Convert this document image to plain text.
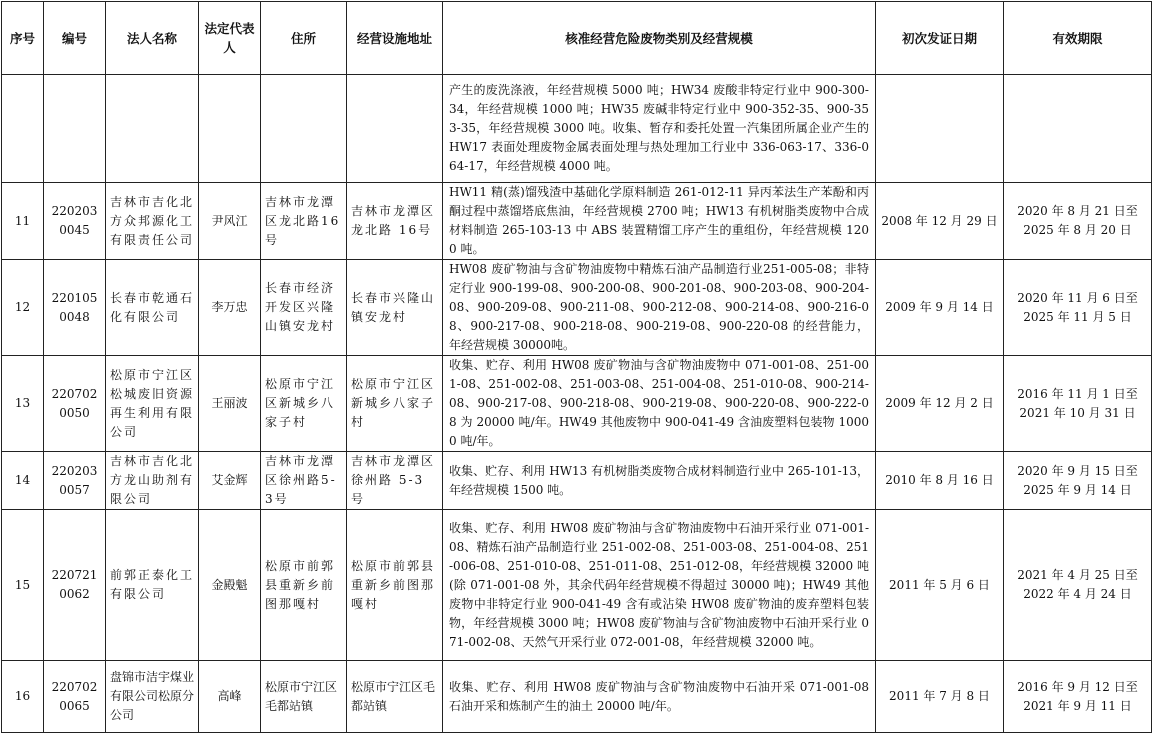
序号	编号	法人名称	法定代表人	住所	经营设施地址	核准经营危险废物类别及经营规模	初次发证日期	有效期限
						产生的废洗涤液，年经营规模 5000 吨；HW34 废酸非特定行业中 900-300-34，年经营规模 1000 吨；HW35 废碱非特定行业中 900-352-35、900-353-35，年经营规模 3000 吨。收集、暂存和委托处置一汽集团所属企业产生的 HW17 表面处理废物金属表面处理与热处理加工行业中 336-063-17、336-064-17，年经营规模 4000 吨。		

11	2202030045	吉林市吉化北方众邦源化工有限责任公司	尹风江	吉林市龙潭区龙北路16号	吉林市龙潭区龙北路 16号	HW11 精(蒸)馏残渣中基础化学原料制造 261-012-11 异丙苯法生产苯酚和丙酮过程中蒸馏塔底焦油，年经营规模 2700 吨；HW13 有机树脂类废物中合成材料制造 265-103-13 中 ABS 装置精馏工序产生的重组份，年经营规模 1200 吨。	2008 年 12 月 29 日	2020 年 8 月 21 日至
2025 年 8 月 20 日

12	2201050048	长春市乾通石化有限公司	李万忠	长春市经济开发区兴隆山镇安龙村	长春市兴隆山镇安龙村	HW08 废矿物油与含矿物油废物中精炼石油产品制造行业251-005-08；非特定行业 900-199-08、900-200-08、900-201-08、900-203-08、900-204-08、900-209-08、900-211-08、900-212-08、900-214-08、900-216-08、900-217-08、900-218-08、900-219-08、900-220-08 的经营能力，年经营规模 30000吨。	2009 年 9 月 14 日	2020 年 11 月 6 日至
2025 年 11 月 5 日

13	2207020050	松原市宁江区松城废旧资源再生利用有限公司	王丽波	松原市宁江区新城乡八家子村	松原市宁江区新城乡八家子村	收集、贮存、利用 HW08 废矿物油与含矿物油废物中 071-001-08、251-001-08、251-002-08、251-003-08、251-004-08、251-010-08、900-214-08、900-217-08、900-218-08、900-219-08、900-220-08、900-222-08 为 20000 吨/年。HW49 其他废物中 900-041-49 含油废塑料包装物 10000 吨/年。	2009 年 12 月 2 日	2016 年 11 月 1 日至
2021 年 10 月 31 日

14	2202030057	吉林市吉化北方龙山助剂有限公司	艾金辉	吉林市龙潭区徐州路5-3号	吉林市龙潭区徐州路 5-3号	收集、贮存、利用 HW13 有机树脂类废物合成材料制造行业中 265-101-13，年经营规模 1500 吨。	2010 年 8 月 16 日	2020 年 9 月 15 日至
2025 年 9 月 14 日

15	2207210062	前郭正泰化工有限公司	金殿魁	松原市前郭县重新乡前图那嘎村	松原市前郭县重新乡前图那嘎村	收集、贮存、利用 HW08 废矿物油与含矿物油废物中石油开采行业 071-001-08、精炼石油产品制造行业 251-002-08、251-003-08、251-004-08、251-006-08、251-010-08、251-011-08、251-012-08，年经营规模 32000 吨(除 071-001-08 外，其余代码年经营规模不得超过 30000 吨)；HW49 其他废物中非特定行业 900-041-49 含有或沾染 HW08 废矿物油的废弃塑料包装物，年经营规模 3000 吨；HW08 废矿物油与含矿物油废物中石油开采行业 071-002-08、天然气开采行业 072-001-08，年经营规模 32000 吨。	2011 年 5 月 6 日	2021 年 4 月 25 日至
2022 年 4 月 24 日

16	2207020065	盘锦市洁宇煤业有限公司松原分公司	高峰	松原市宁江区毛都站镇	松原市宁江区毛都站镇	收集、贮存、利用 HW08 废矿物油与含矿物油废物中石油开采 071-001-08 石油开采和炼制产生的油土 20000 吨/年。	2011 年 7 月 8 日	2016 年 9 月 12 日至
2021 年 9 月 11 日
